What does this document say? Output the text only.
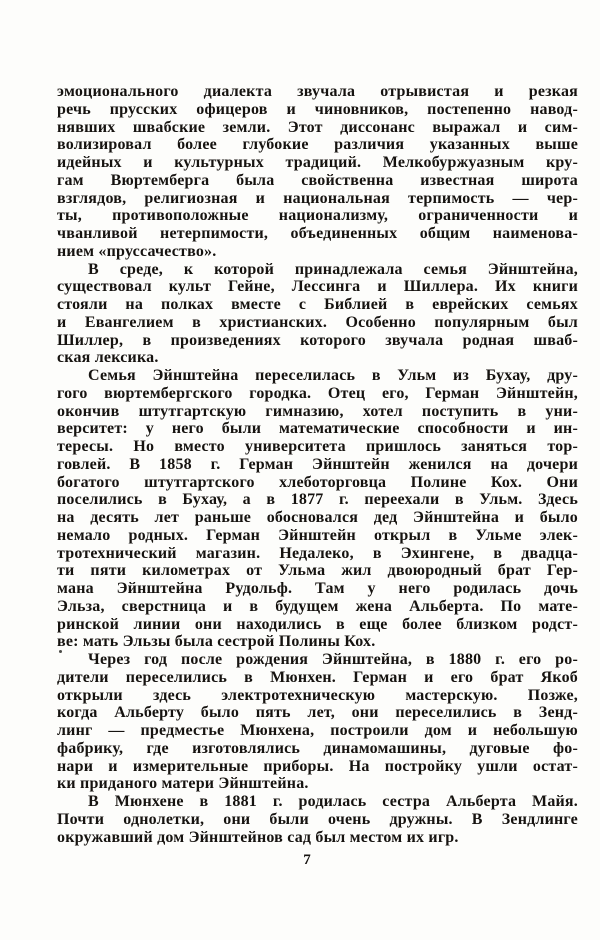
эмоционального диалекта звучала отрывистая и резкая
речь прусских офицеров и чиновников, постепенно навод-
нявших швабские земли. Этот диссонанс выражал и сим-
волизировал более глубокие различия указанных выше
идейных и культурных традиций. Мелкобуржуазным кру-
гам Вюртемберга была свойственна известная широта
взглядов, религиозная и национальная терпимость — чер-
ты, противоположные национализму, ограниченности и
чванливой нетерпимости, объединенных общим наименова-
нием «пруссачество».
В среде, к которой принадлежала семья Эйнштейна,
существовал культ Гейне, Лессинга и Шиллера. Их книги
стояли на полках вместе с Библией в еврейских семьях
и Евангелием в христианских. Особенно популярным был
Шиллер, в произведениях которого звучала родная шваб-
ская лексика.
Семья Эйнштейна переселилась в Ульм из Бухау, дру-
гого вюртембергского городка. Отец его, Герман Эйнштейн,
окончив штутгартскую гимназию, хотел поступить в уни-
верситет: у него были математические способности и ин-
тересы. Но вместо университета пришлось заняться тор-
говлей. В 1858 г. Герман Эйнштейн женился на дочери
богатого штутгартского хлеботорговца Полине Кох. Они
поселились в Бухау, а в 1877 г. переехали в Ульм. Здесь
на десять лет раньше обосновался дед Эйнштейна и было
немало родных. Герман Эйнштейн открыл в Ульме элек-
тротехнический магазин. Недалеко, в Эхингене, в двадца-
ти пяти километрах от Ульма жил двоюродный брат Гер-
мана Эйнштейна Рудольф. Там у него родилась дочь
Эльза, сверстница и в будущем жена Альберта. По мате-
ринской линии они находились в еще более близком родст-
ве: мать Эльзы была сестрой Полины Кох.
Через год после рождения Эйнштейна, в 1880 г. его ро-
дители переселились в Мюнхен. Герман и его брат Якоб
открыли здесь электротехническую мастерскую. Позже,
когда Альберту было пять лет, они переселились в Зенд-
линг — предместье Мюнхена, построили дом и небольшую
фабрику, где изготовлялись динамомашины, дуговые фо-
нари и измерительные приборы. На постройку ушли остат-
ки приданого матери Эйнштейна.
В Мюнхене в 1881 г. родилась сестра Альберта Майя.
Почти однолетки, они были очень дружны. В Зендлинге
окружавший дом Эйнштейнов сад был местом их игр.
7
